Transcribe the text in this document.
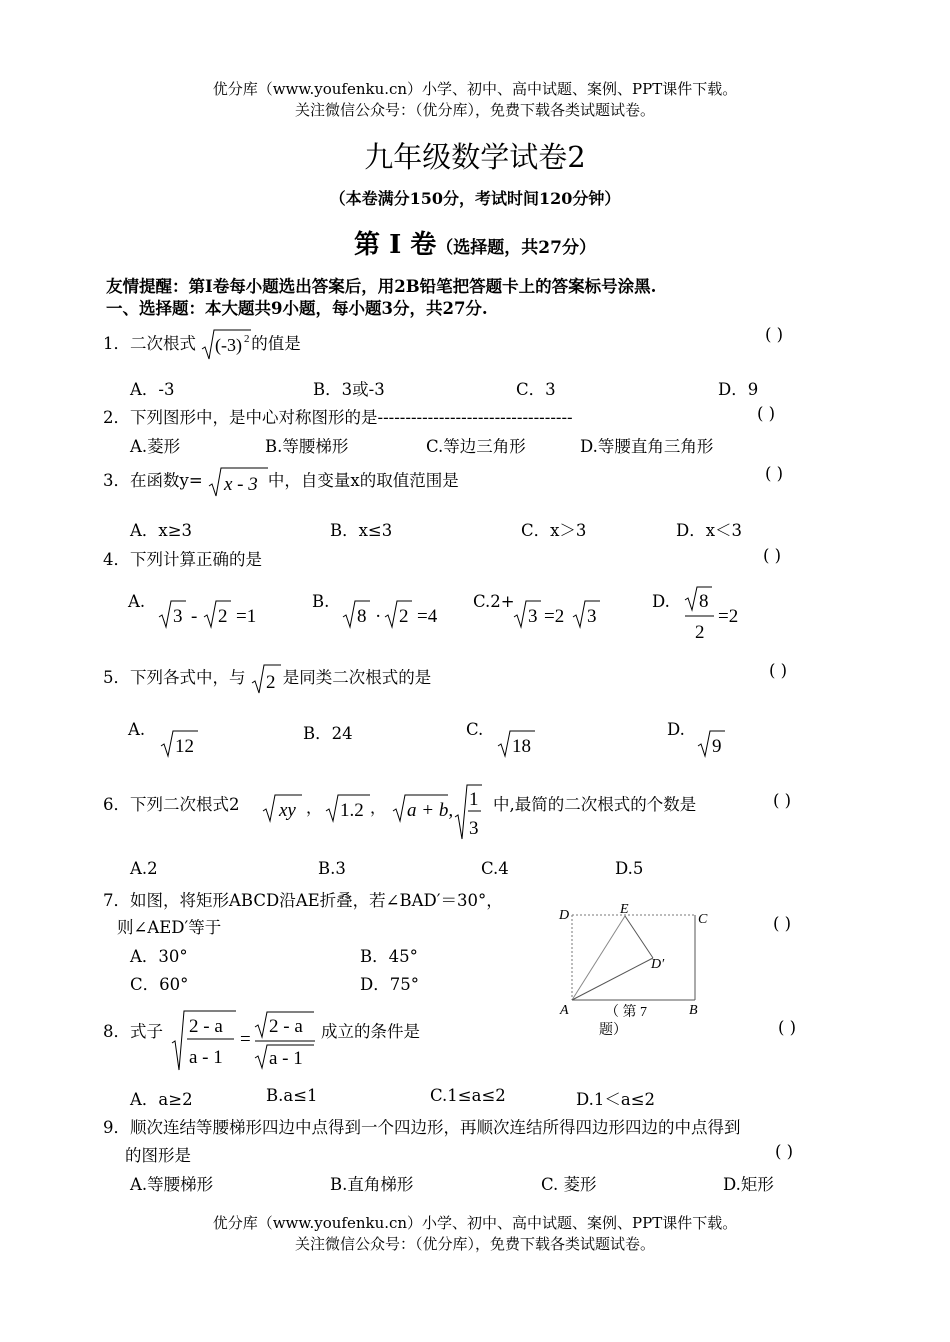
优分库（www.youfenku.cn）小学、初中、高中试题、案例、PPT课件下载。
关注微信公众号：（优分库），免费下载各类试题试卷。
九年级数学试卷2
（本卷满分150分，考试时间120分钟）
第 Ⅰ 卷（选择题，共27分）
友情提醒：第Ⅰ卷每小题选出答案后，用2B铅笔把答题卡上的答案标号涂黑.
一、选择题：本大题共9小题，每小题3分，共27分.
1．二次根式 (-3) 2 的值是	( )
A．-3	B．3或-3	C．3	D．9
2．下列图形中，是中心对称图形的是-----------------------------------	( )
A.菱形	B.等腰梯形	C.等边三角形	D.等腰直角三角形
3．在函数y= x - 3 中，自变量x的取值范围是	( )
A．x≥3	B．x≤3	C．x＞3	D．x＜3
4．下列计算正确的是	( )
A.
3 - 2 =1
B.
8 · 2 =4
C.2+
3 =2 3
D. 8
2
=2
5．下列各式中，与 2 是同类二次根式的是	( )
A.
12
B．24	C.
18
D.
9
6．下列二次根式2 xy ， 1.2 ， a + b,
1
3
中,最简的二次根式的个数是	( )
A.2	B.3	C.4	D.5
7．如图，将矩形ABCD沿AE折叠，若∠BAD′＝30°，
则∠AED′等于	( )
A．30°	B．45°
C．60°	D．75°
D	E
C
D′
A	B
（ 第 7
题）
8．式子 2 - a
a - 1
=
2 - a
a - 1
成立的条件是	( )
A．a≥2	B.a≤1	C.1≤a≤2	D.1＜a≤2
9．顺次连结等腰梯形四边中点得到一个四边形，再顺次连结所得四边形四边的中点得到
的图形是	( )
A.等腰梯形	B.直角梯形	C. 菱形	D.矩形
优分库（www.youfenku.cn）小学、初中、高中试题、案例、PPT课件下载。
关注微信公众号：（优分库），免费下载各类试题试卷。
